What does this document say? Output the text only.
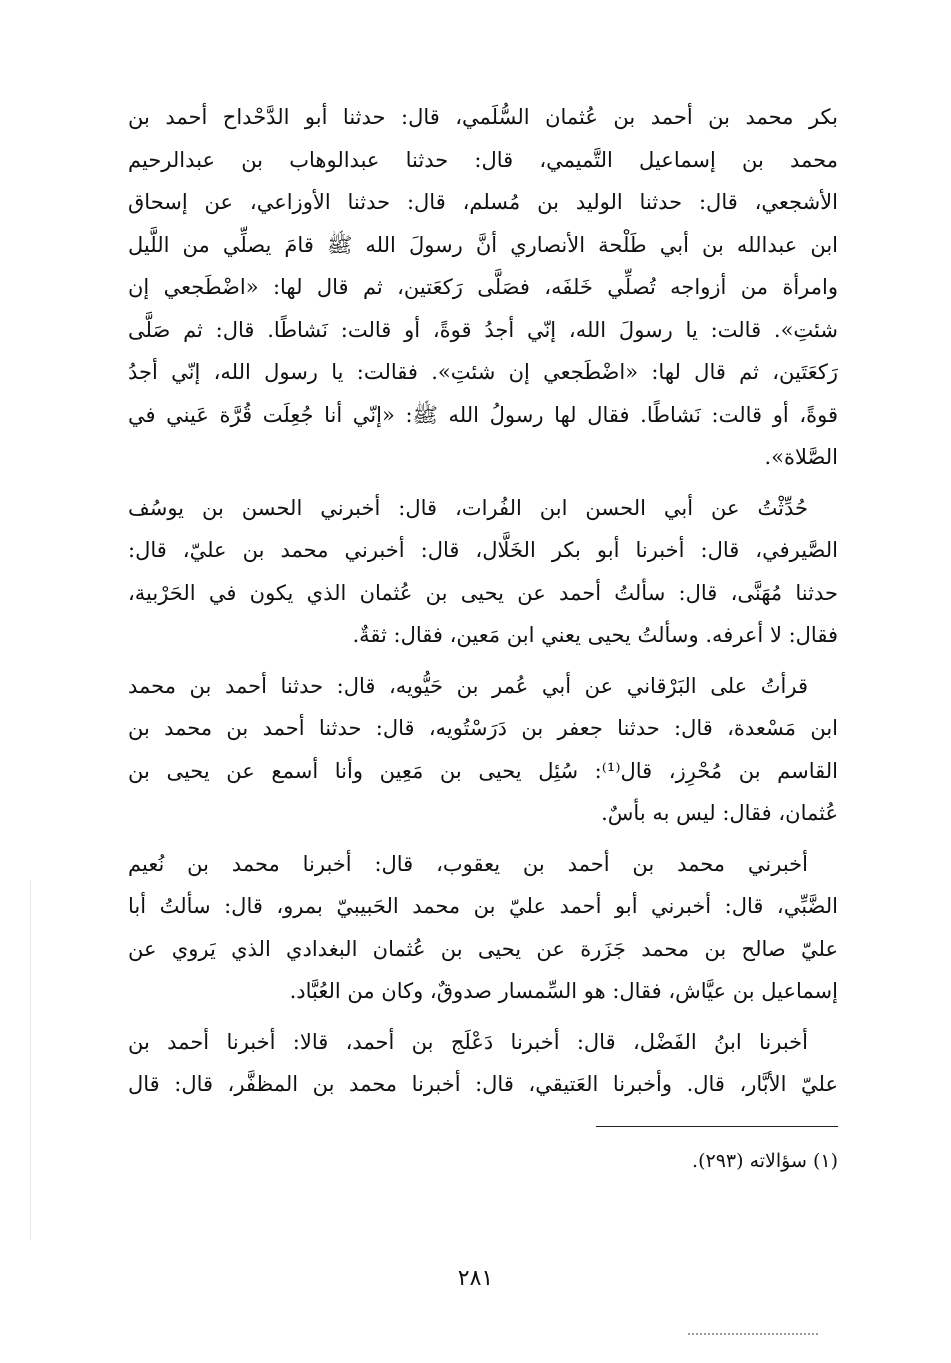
بكر محمد بن أحمد بن عُثمان السُّلَمي، قال: حدثنا أبو الدَّحْداح أحمد بن
محمد بن إسماعيل التَّميمي، قال: حدثنا عبدالوهاب بن عبدالرحيم
الأشجعي، قال: حدثنا الوليد بن مُسلم، قال: حدثنا الأوزاعي، عن إسحاق
ابن عبدالله بن أبي طَلْحة الأنصاري أنَّ رسولَ الله ﷺ قامَ يصلِّي من اللَّيل
وامرأة من أزواجه تُصلِّي خَلفَه، فصَلَّى رَكعَتين، ثم قال لها: «اضْطَجعي إن
شئتِ». قالت: يا رسولَ الله، إنّي أجدُ قوةً، أو قالت: نَشاطًا. قال: ثم صَلَّى
رَكعَتَين، ثم قال لها: «اضْطَجعي إن شئتِ». فقالت: يا رسول الله، إنّي أجدُ
قوةً، أو قالت: نَشاطًا. فقال لها رسولُ الله ﷺ: «إنّي أنا جُعِلَت قُرَّة عَيني في
الصَّلاة».
حُدِّثْتُ عن أبي الحسن ابن الفُرات، قال: أخبرني الحسن بن يوسُف
الصَّيرفي، قال: أخبرنا أبو بكر الخَلَّال، قال: أخبرني محمد بن عليّ، قال:
حدثنا مُهَنَّى، قال: سألتُ أحمد عن يحيى بن عُثمان الذي يكون في الحَرْبية،
فقال: لا أعرفه. وسألتُ يحيى يعني ابن مَعين، فقال: ثقةٌ.
قرأتُ على البَرْقاني عن أبي عُمر بن حَيُّويه، قال: حدثنا أحمد بن محمد
ابن مَسْعدة، قال: حدثنا جعفر بن دَرَسْتُويه، قال: حدثنا أحمد بن محمد بن
القاسم بن مُحْرِز، قال⁽¹⁾: سُئِل يحيى بن مَعِين وأنا أسمع عن يحيى بن
عُثمان، فقال: ليس به بأسٌ.
أخبرني محمد بن أحمد بن يعقوب، قال: أخبرنا محمد بن نُعيم
الضَّبِّي، قال: أخبرني أبو أحمد عليّ بن محمد الحَبيبيّ بمرو، قال: سألتُ أبا
عليّ صالح بن محمد جَزَرة عن يحيى بن عُثمان البغدادي الذي يَروي عن
إسماعيل بن عيَّاش، فقال: هو السِّمسار صدوقٌ، وكان من العُبَّاد.
أخبرنا ابنُ الفَضْل، قال: أخبرنا دَعْلَج بن أحمد، قالا: أخبرنا أحمد بن
عليّ الأبَّار، قال. وأخبرنا العَتيقي، قال: أخبرنا محمد بن المظفَّر، قال: قال
(١) سؤالاته (٢٩٣).
٢٨١
